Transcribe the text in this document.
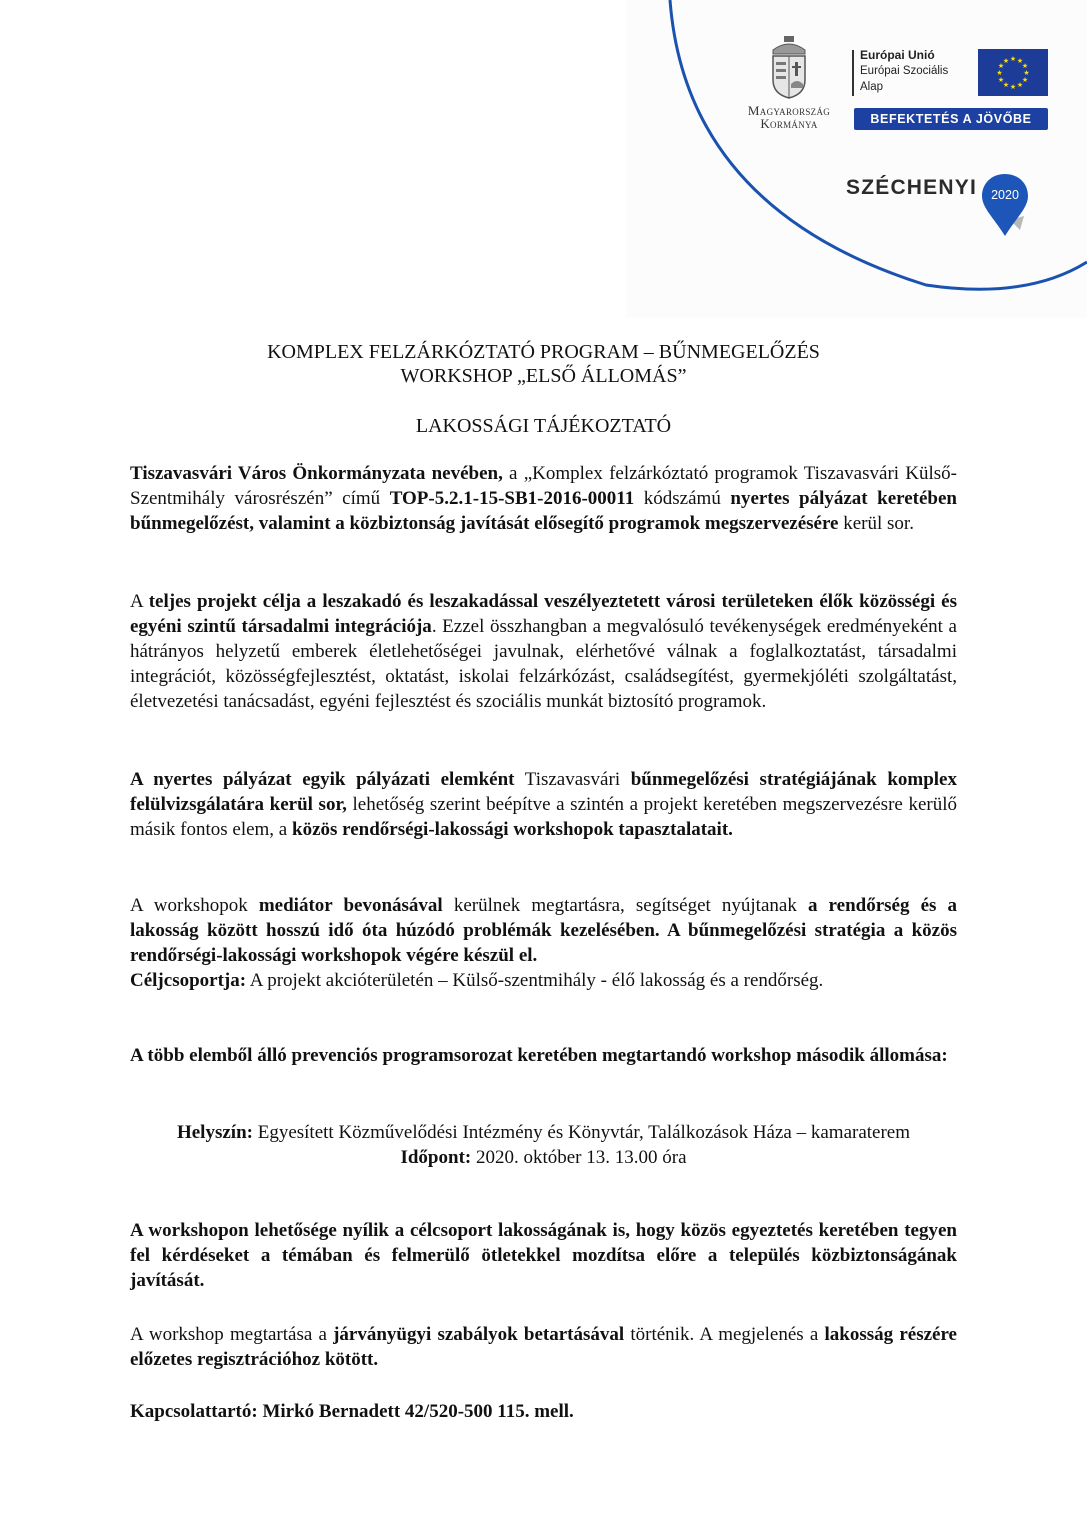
Magyarország
Kormánya
Európai Unió
Európai Szociális
Alap
★ ★
★
★
★
★
★
★
★
★
★
★
BEFEKTETÉS A JÖVŐBE
SZÉCHENYI 2020
KOMPLEX FELZÁRKÓZTATÓ PROGRAM – BŰNMEGELŐZÉS
WORKSHOP „ELSŐ ÁLLOMÁS”
LAKOSSÁGI TÁJÉKOZTATÓ
Tiszavasvári Város Önkormányzata nevében, a „Komplex felzárkóztató programok Tiszavasvári Külső-Szentmihály városrészén” című TOP-5.2.1-15-SB1-2016-00011 kódszámú nyertes pályázat keretében bűnmegelőzést, valamint a közbiztonság javítását elősegítő programok megszervezésére kerül sor.
A teljes projekt célja a leszakadó és leszakadással veszélyeztetett városi területeken élők közösségi és egyéni szintű társadalmi integrációja. Ezzel összhangban a megvalósuló tevékenységek eredményeként a hátrányos helyzetű emberek életlehetőségei javulnak, elérhetővé válnak a foglalkoztatást, társadalmi integrációt, közösségfejlesztést, oktatást, iskolai felzárkózást, családsegítést, gyermekjóléti szolgáltatást, életvezetési tanácsadást, egyéni fejlesztést és szociális munkát biztosító programok.
A nyertes pályázat egyik pályázati elemként Tiszavasvári bűnmegelőzési stratégiájának komplex felülvizsgálatára kerül sor, lehetőség szerint beépítve a szintén a projekt keretében megszervezésre kerülő másik fontos elem, a közös rendőrségi-lakossági workshopok tapasztalatait.
A workshopok mediátor bevonásával kerülnek megtartásra, segítséget nyújtanak a rendőrség és a lakosság között hosszú idő óta húzódó problémák kezelésében. A bűnmegelőzési stratégia a közös rendőrségi-lakossági workshopok végére készül el.
Céljcsoportja: A projekt akcióterületén – Külső-szentmihály - élő lakosság és a rendőrség.
A több elemből álló prevenciós programsorozat keretében megtartandó workshop második állomása:
Helyszín: Egyesített Közművelődési Intézmény és Könyvtár, Találkozások Háza – kamaraterem
Időpont: 2020. október 13. 13.00 óra
A workshopon lehetősége nyílik a célcsoport lakosságának is, hogy közös egyeztetés keretében tegyen fel kérdéseket a témában és felmerülő ötletekkel mozdítsa előre a település közbiztonságának javítását.
A workshop megtartása a járványügyi szabályok betartásával történik. A megjelenés a lakosság részére előzetes regisztrációhoz kötött.
Kapcsolattartó: Mirkó Bernadett 42/520-500 115. mell.
